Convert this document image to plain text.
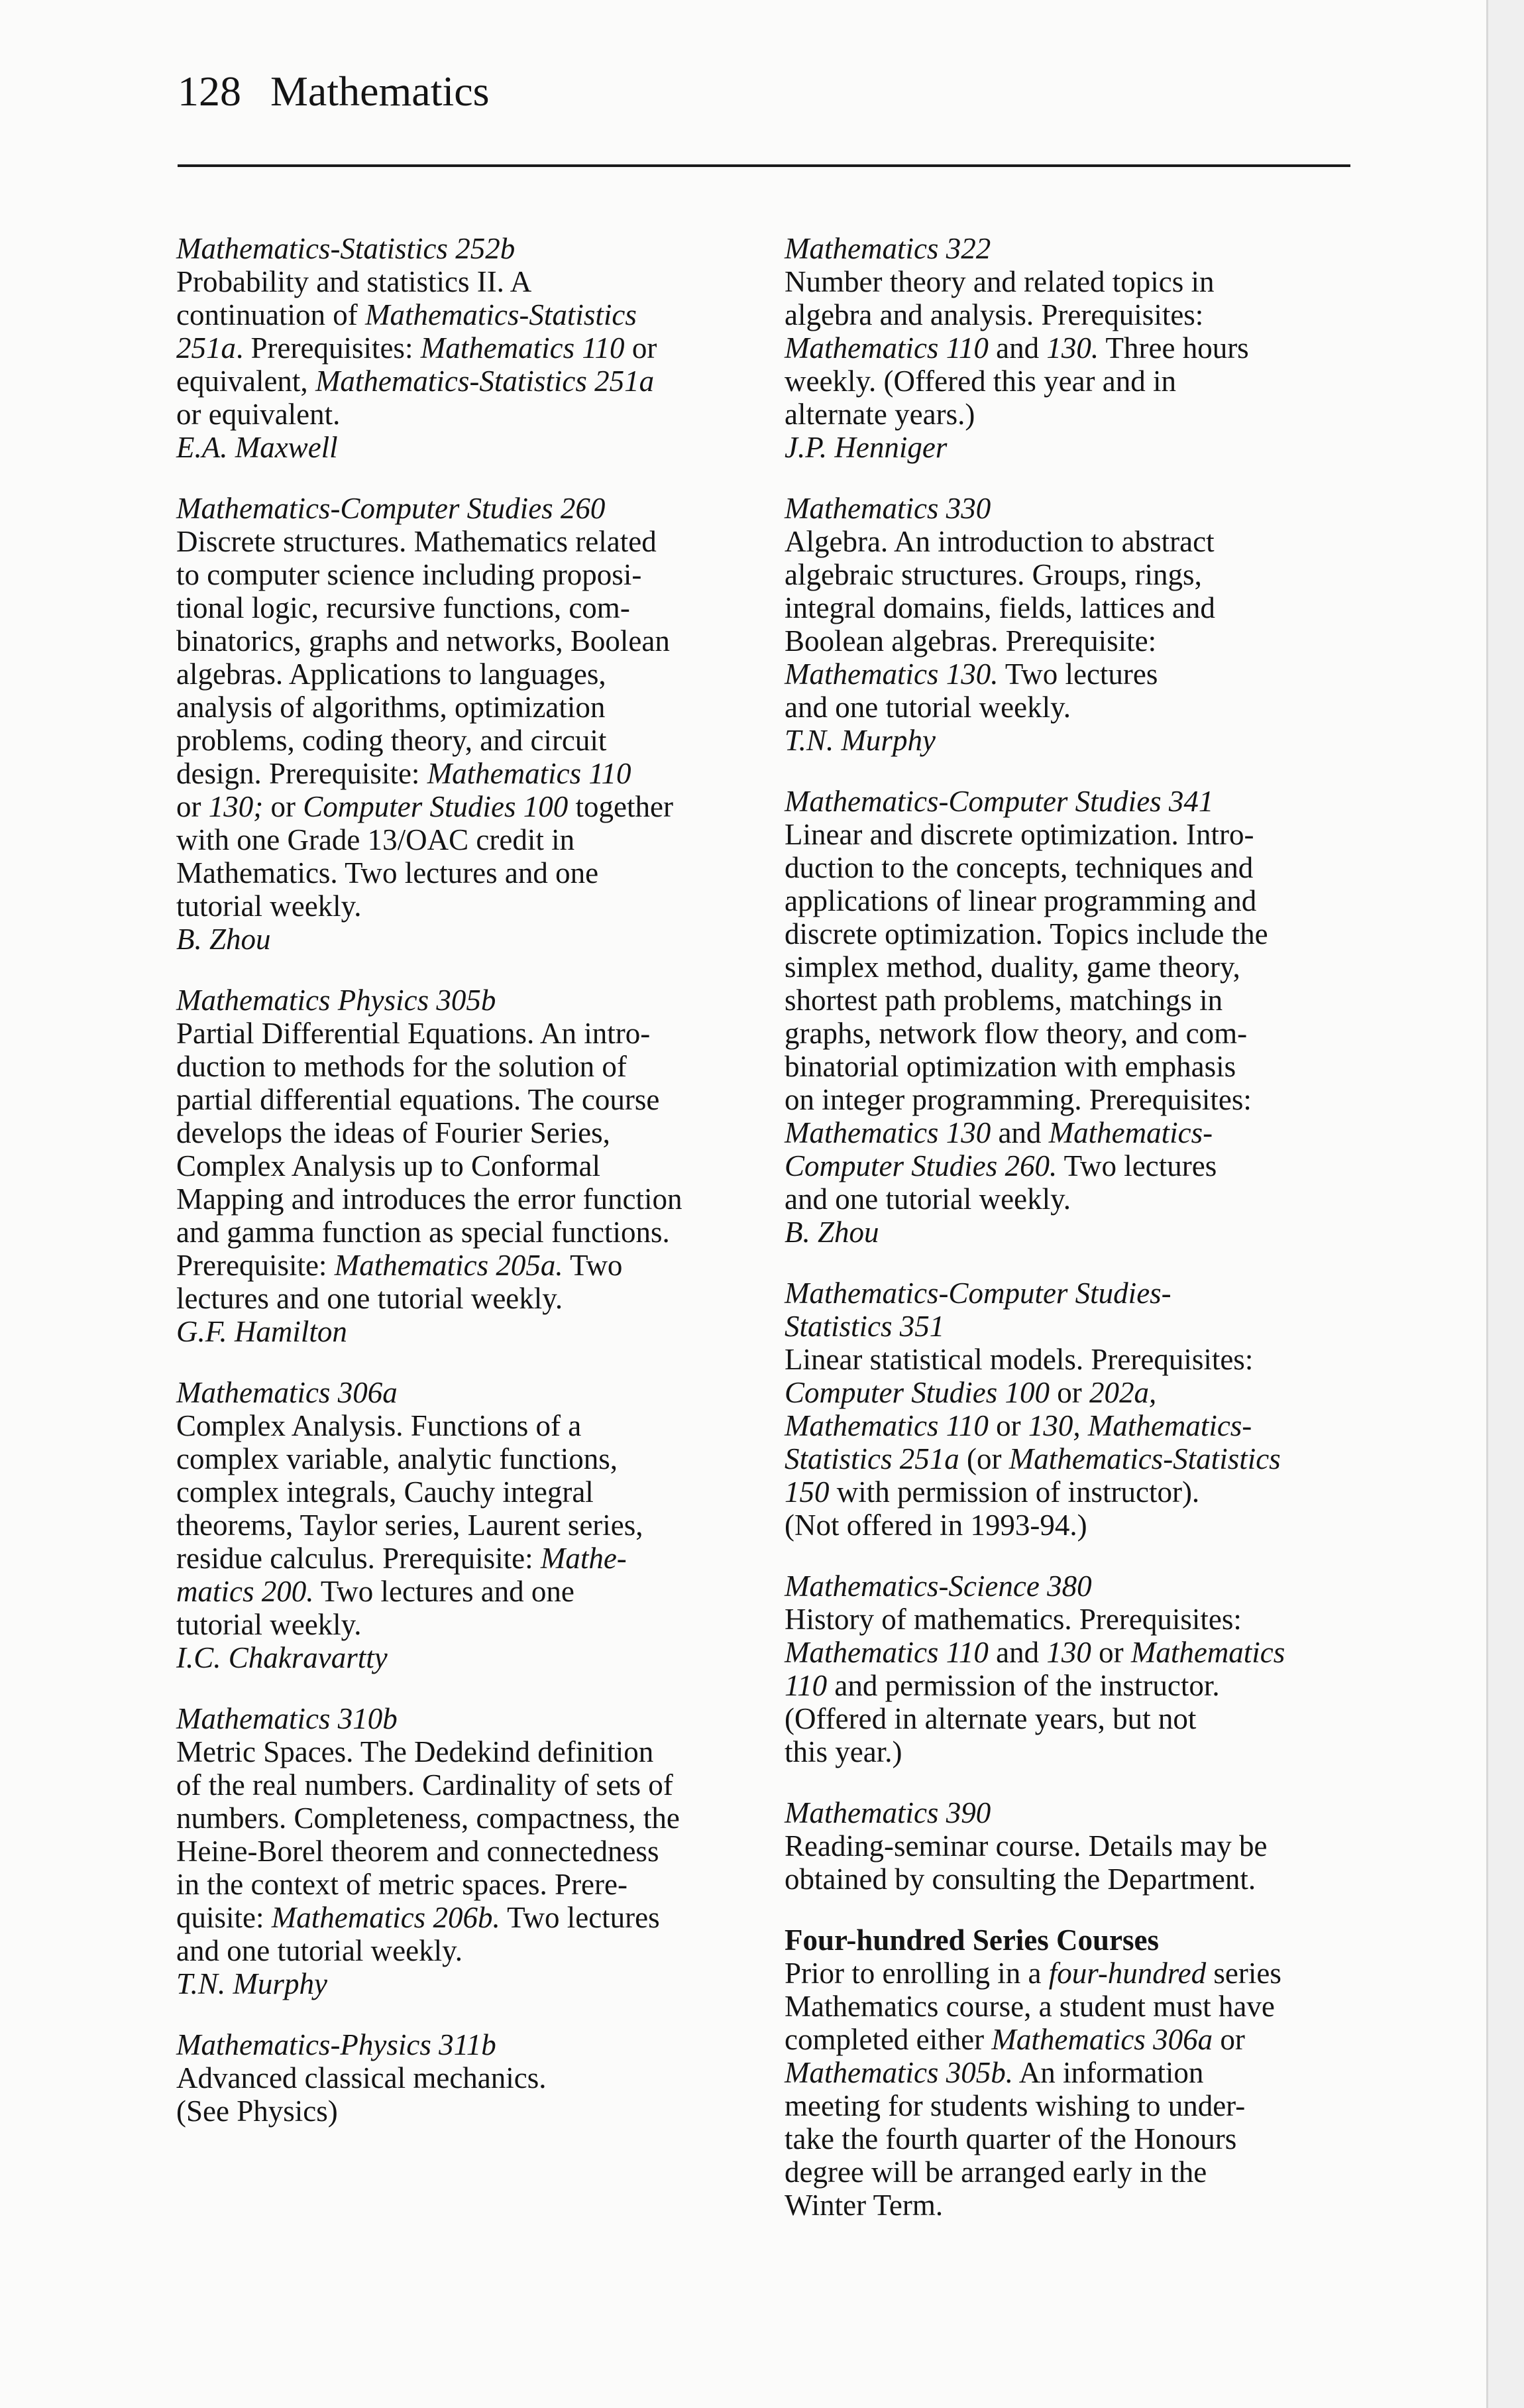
128 Mathematics
Mathematics-Statistics 252b
Probability and statistics II. A
continuation of Mathematics-Statistics
251a. Prerequisites: Mathematics 110 or
equivalent, Mathematics-Statistics 251a
or equivalent.
E.A. Maxwell
Mathematics-Computer Studies 260
Discrete structures. Mathematics related
to computer science including proposi-
tional logic, recursive functions, com-
binatorics, graphs and networks, Boolean
algebras. Applications to languages,
analysis of algorithms, optimization
problems, coding theory, and circuit
design. Prerequisite: Mathematics 110
or 130; or Computer Studies 100 together
with one Grade 13/OAC credit in
Mathematics. Two lectures and one
tutorial weekly.
B. Zhou
Mathematics Physics 305b
Partial Differential Equations. An intro-
duction to methods for the solution of
partial differential equations. The course
develops the ideas of Fourier Series,
Complex Analysis up to Conformal
Mapping and introduces the error function
and gamma function as special functions.
Prerequisite: Mathematics 205a. Two
lectures and one tutorial weekly.
G.F. Hamilton
Mathematics 306a
Complex Analysis. Functions of a
complex variable, analytic functions,
complex integrals, Cauchy integral
theorems, Taylor series, Laurent series,
residue calculus. Prerequisite: Mathe-
matics 200. Two lectures and one
tutorial weekly.
I.C. Chakravartty
Mathematics 310b
Metric Spaces. The Dedekind definition
of the real numbers. Cardinality of sets of
numbers. Completeness, compactness, the
Heine-Borel theorem and connectedness
in the context of metric spaces. Prere-
quisite: Mathematics 206b. Two lectures
and one tutorial weekly.
T.N. Murphy
Mathematics-Physics 311b
Advanced classical mechanics.
(See Physics)
Mathematics 322
Number theory and related topics in
algebra and analysis. Prerequisites:
Mathematics 110 and 130. Three hours
weekly. (Offered this year and in
alternate years.)
J.P. Henniger
Mathematics 330
Algebra. An introduction to abstract
algebraic structures. Groups, rings,
integral domains, fields, lattices and
Boolean algebras. Prerequisite:
Mathematics 130. Two lectures
and one tutorial weekly.
T.N. Murphy
Mathematics-Computer Studies 341
Linear and discrete optimization. Intro-
duction to the concepts, techniques and
applications of linear programming and
discrete optimization. Topics include the
simplex method, duality, game theory,
shortest path problems, matchings in
graphs, network flow theory, and com-
binatorial optimization with emphasis
on integer programming. Prerequisites:
Mathematics 130 and Mathematics-
Computer Studies 260. Two lectures
and one tutorial weekly.
B. Zhou
Mathematics-Computer Studies-
Statistics 351
Linear statistical models. Prerequisites:
Computer Studies 100 or 202a,
Mathematics 110 or 130, Mathematics-
Statistics 251a (or Mathematics-Statistics
150 with permission of instructor).
(Not offered in 1993-94.)
Mathematics-Science 380
History of mathematics. Prerequisites:
Mathematics 110 and 130 or Mathematics
110 and permission of the instructor.
(Offered in alternate years, but not
this year.)
Mathematics 390
Reading-seminar course. Details may be
obtained by consulting the Department.
Four-hundred Series Courses
Prior to enrolling in a four-hundred series
Mathematics course, a student must have
completed either Mathematics 306a or
Mathematics 305b. An information
meeting for students wishing to under-
take the fourth quarter of the Honours
degree will be arranged early in the
Winter Term.
